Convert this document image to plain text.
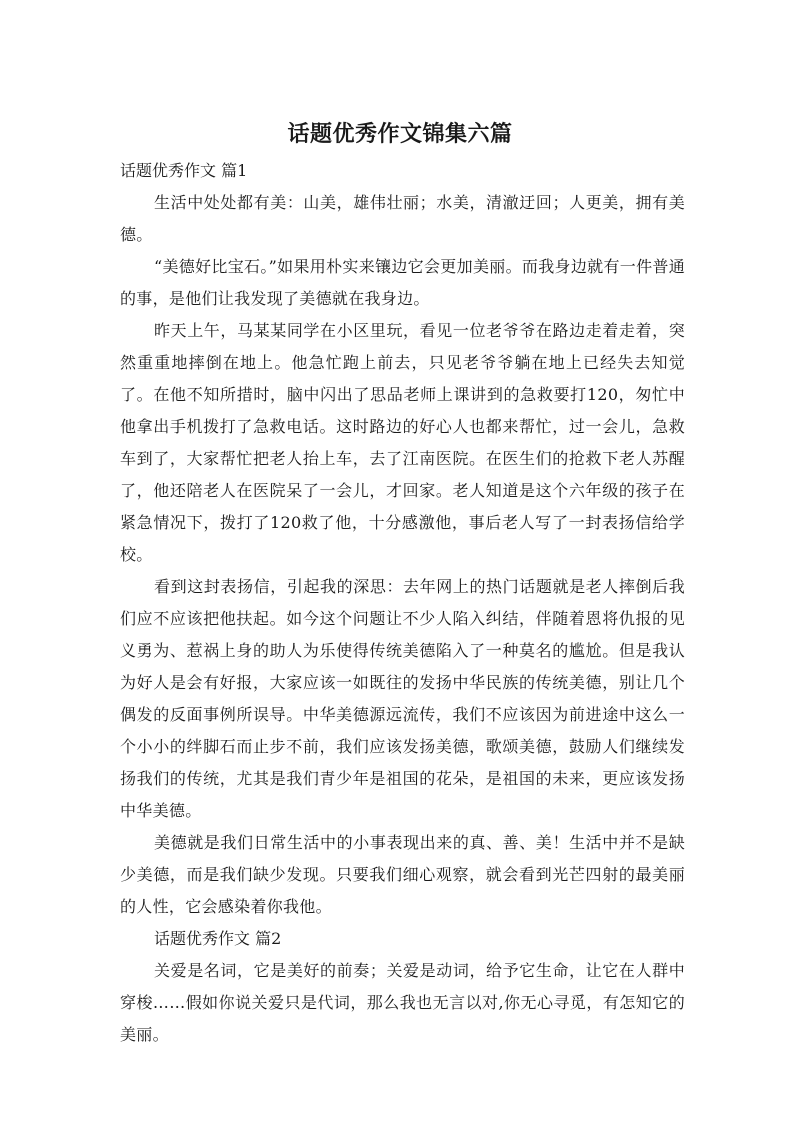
话题优秀作文锦集六篇

话题优秀作文 篇1

生活中处处都有美：山美，雄伟壮丽；水美，清澈迂回；人更美，拥有美德。

“美德好比宝石。”如果用朴实来镶边它会更加美丽。而我身边就有一件普通的事，是他们让我发现了美德就在我身边。

昨天上午，马某某同学在小区里玩，看见一位老爷爷在路边走着走着，突然重重地摔倒在地上。他急忙跑上前去，只见老爷爷躺在地上已经失去知觉了。在他不知所措时，脑中闪出了思品老师上课讲到的急救要打120，匆忙中他拿出手机拨打了急救电话。这时路边的好心人也都来帮忙，过一会儿，急救车到了，大家帮忙把老人抬上车，去了江南医院。在医生们的抢救下老人苏醒了，他还陪老人在医院呆了一会儿，才回家。老人知道是这个六年级的孩子在紧急情况下，拨打了120救了他，十分感激他，事后老人写了一封表扬信给学校。

看到这封表扬信，引起我的深思：去年网上的热门话题就是老人摔倒后我们应不应该把他扶起。如今这个问题让不少人陷入纠结，伴随着恩将仇报的见义勇为、惹祸上身的助人为乐使得传统美德陷入了一种莫名的尴尬。但是我认为好人是会有好报，大家应该一如既往的发扬中华民族的传统美德，别让几个偶发的反面事例所误导。中华美德源远流传，我们不应该因为前进途中这么一个小小的绊脚石而止步不前，我们应该发扬美德，歌颂美德，鼓励人们继续发扬我们的传统，尤其是我们青少年是祖国的花朵，是祖国的未来，更应该发扬中华美德。

美德就是我们日常生活中的小事表现出来的真、善、美！生活中并不是缺少美德，而是我们缺少发现。只要我们细心观察，就会看到光芒四射的最美丽的人性，它会感染着你我他。

话题优秀作文 篇2

关爱是名词，它是美好的前奏；关爱是动词，给予它生命，让它在人群中穿梭……假如你说关爱只是代词，那么我也无言以对,你无心寻觅，有怎知它的美丽。
